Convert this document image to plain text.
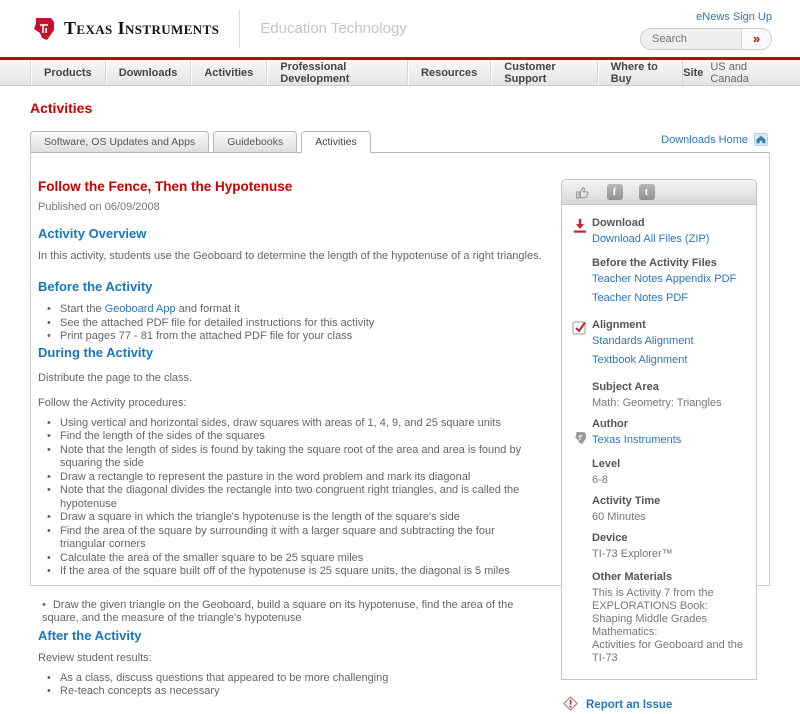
Texas Instruments	Education Technology
eNews Sign Up
Search
»
Products	Downloads	Activities	Professional Development	Resources	Customer Support
Where to Buy	Site US and Canada
Activities
Software, OS Updates and Apps	Guidebooks	Activities	Downloads Home
Follow the Fence, Then the Hypotenuse
Published on 06/09/2008
Activity Overview

In this activity, students use the Geoboard to determine the length of the hypotenuse of a right triangles.

Before the Activity
• Start the Geoboard App and format it
• See the attached PDF file for detailed instructions for this activity
• Print pages 77 - 81 from the attached PDF file for your class
During the Activity

Distribute the page to the class.

Follow the Activity procedures:

• Using vertical and horizontal sides, draw squares with areas of 1, 4, 9, and 25 square units
• Find the length of the sides of the squares
• Note that the length of sides is found by taking the square root of the area and area is found by squaring the side
• Draw a rectangle to represent the pasture in the word problem and mark its diagonal
• Note that the diagonal divides the rectangle into two congruent right triangles, and is called the hypotenuse
• Draw a square in which the triangle's hypotenuse is the length of the square's side
• Find the area of the square by surrounding it with a larger square and subtracting the four triangular corners
• Calculate the area of the smaller square to be 25 square miles
• If the area of the square built off of the hypotenuse is 25 square units, the diagonal is 5 miles
• Draw the given triangle on the Geoboard, build a square on its hypotenuse, find the area of the square, and the measure of the triangle's hypotenuse
After the Activity

Review student results:

• As a class, discuss questions that appeared to be more challenging
• Re-teach concepts as necessary
f	t
Download
Download All Files (ZIP)
Before the Activity Files
Teacher Notes Appendix PDF
Teacher Notes PDF
Alignment
Standards Alignment
Textbook Alignment
Subject Area
Math: Geometry: Triangles
Author
Texas Instruments
Level
6-8
Activity Time
60 Minutes
Device
TI-73 Explorer™
Other Materials
This is Activity 7 from the EXPLORATIONS Book:
Shaping Middle Grades Mathematics:
Activities for Geoboard and the TI-73
Report an Issue
